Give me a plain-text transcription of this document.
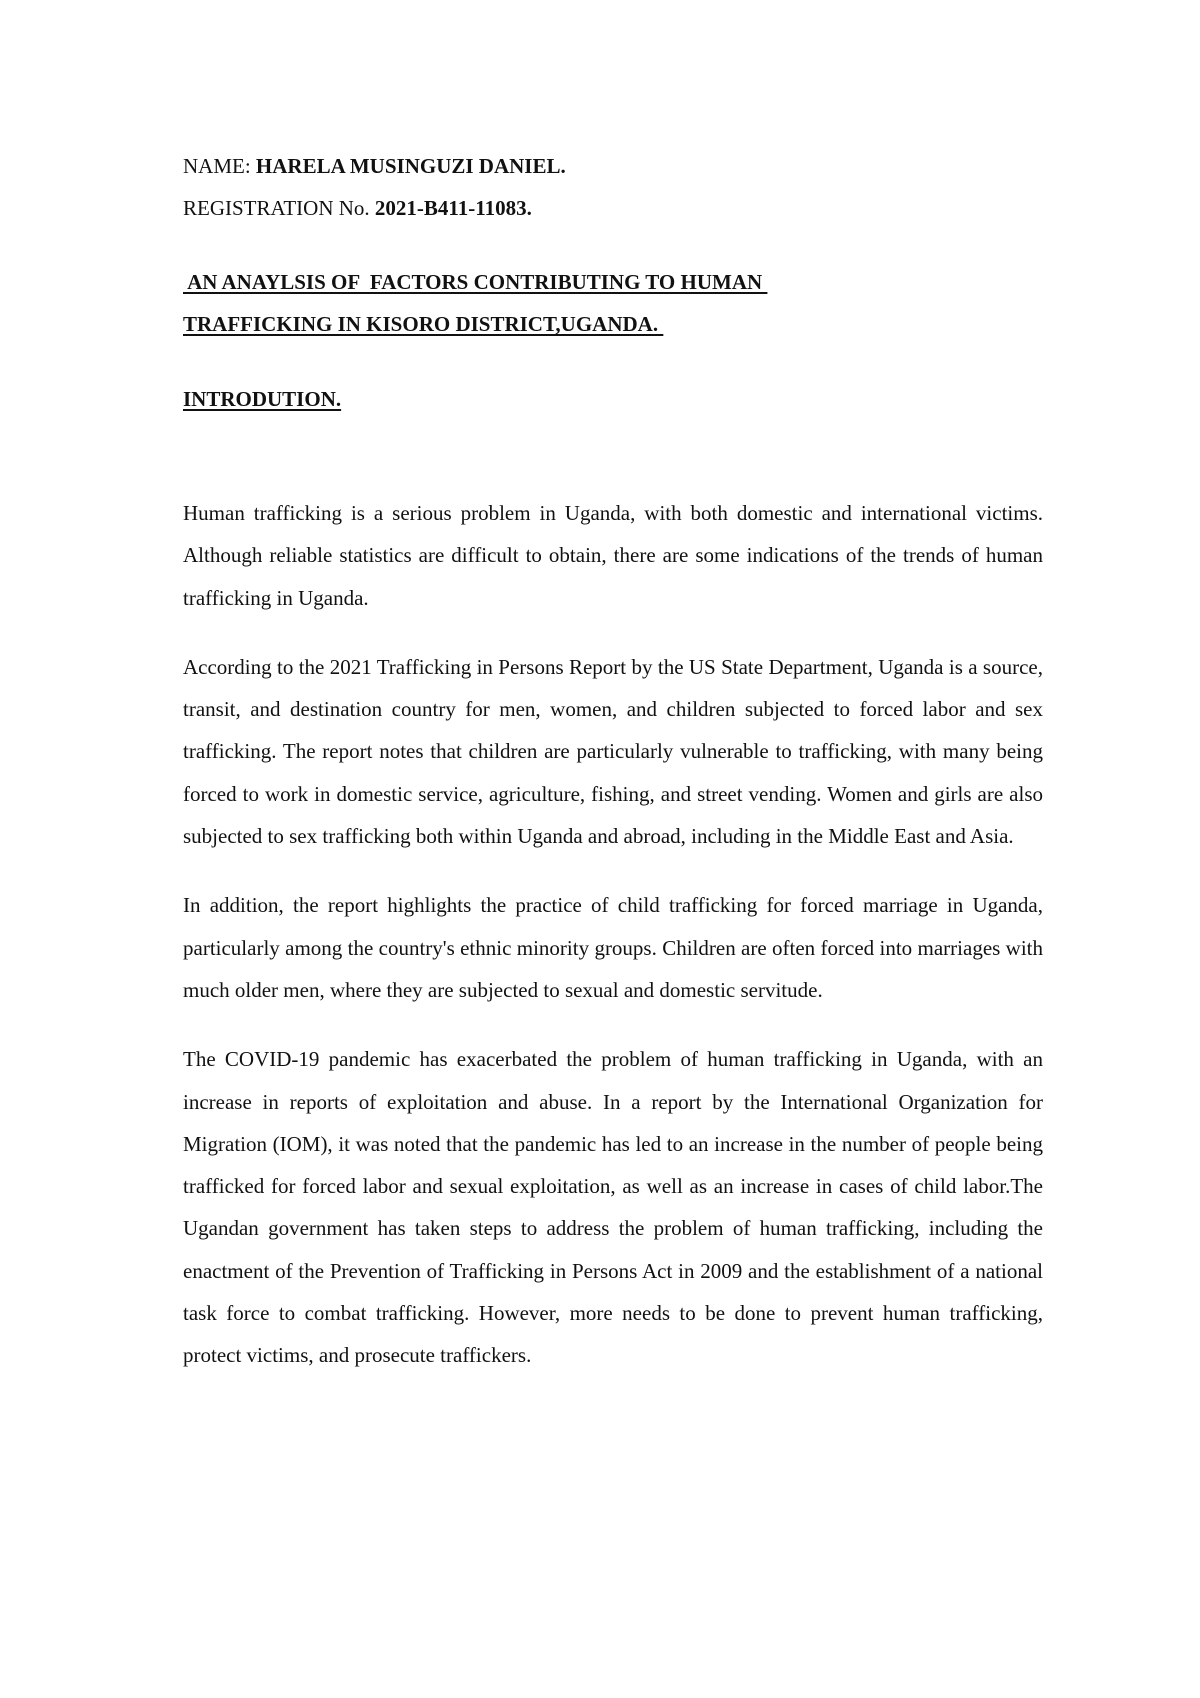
NAME: HARELA MUSINGUZI DANIEL.

REGISTRATION No. 2021-B411-11083.

AN ANAYLSIS OF  FACTORS CONTRIBUTING TO HUMAN

TRAFFICKING IN KISORO DISTRICT,UGANDA.

INTRODUTION.

Human trafficking is a serious problem in Uganda, with both domestic and international victims. Although reliable statistics are difficult to obtain, there are some indications of the trends of human trafficking in Uganda.

According to the 2021 Trafficking in Persons Report by the US State Department, Uganda is a source, transit, and destination country for men, women, and children subjected to forced labor and sex trafficking. The report notes that children are particularly vulnerable to trafficking, with many being forced to work in domestic service, agriculture, fishing, and street vending. Women and girls are also subjected to sex trafficking both within Uganda and abroad, including in the Middle East and Asia.

In addition, the report highlights the practice of child trafficking for forced marriage in Uganda, particularly among the country's ethnic minority groups. Children are often forced into marriages with much older men, where they are subjected to sexual and domestic servitude.

The COVID-19 pandemic has exacerbated the problem of human trafficking in Uganda, with an increase in reports of exploitation and abuse. In a report by the International Organization for Migration (IOM), it was noted that the pandemic has led to an increase in the number of people being trafficked for forced labor and sexual exploitation, as well as an increase in cases of child labor.The Ugandan government has taken steps to address the problem of human trafficking, including the enactment of the Prevention of Trafficking in Persons Act in 2009 and the establishment of a national task force to combat trafficking. However, more needs to be done to prevent human trafficking, protect victims, and prosecute traffickers.
